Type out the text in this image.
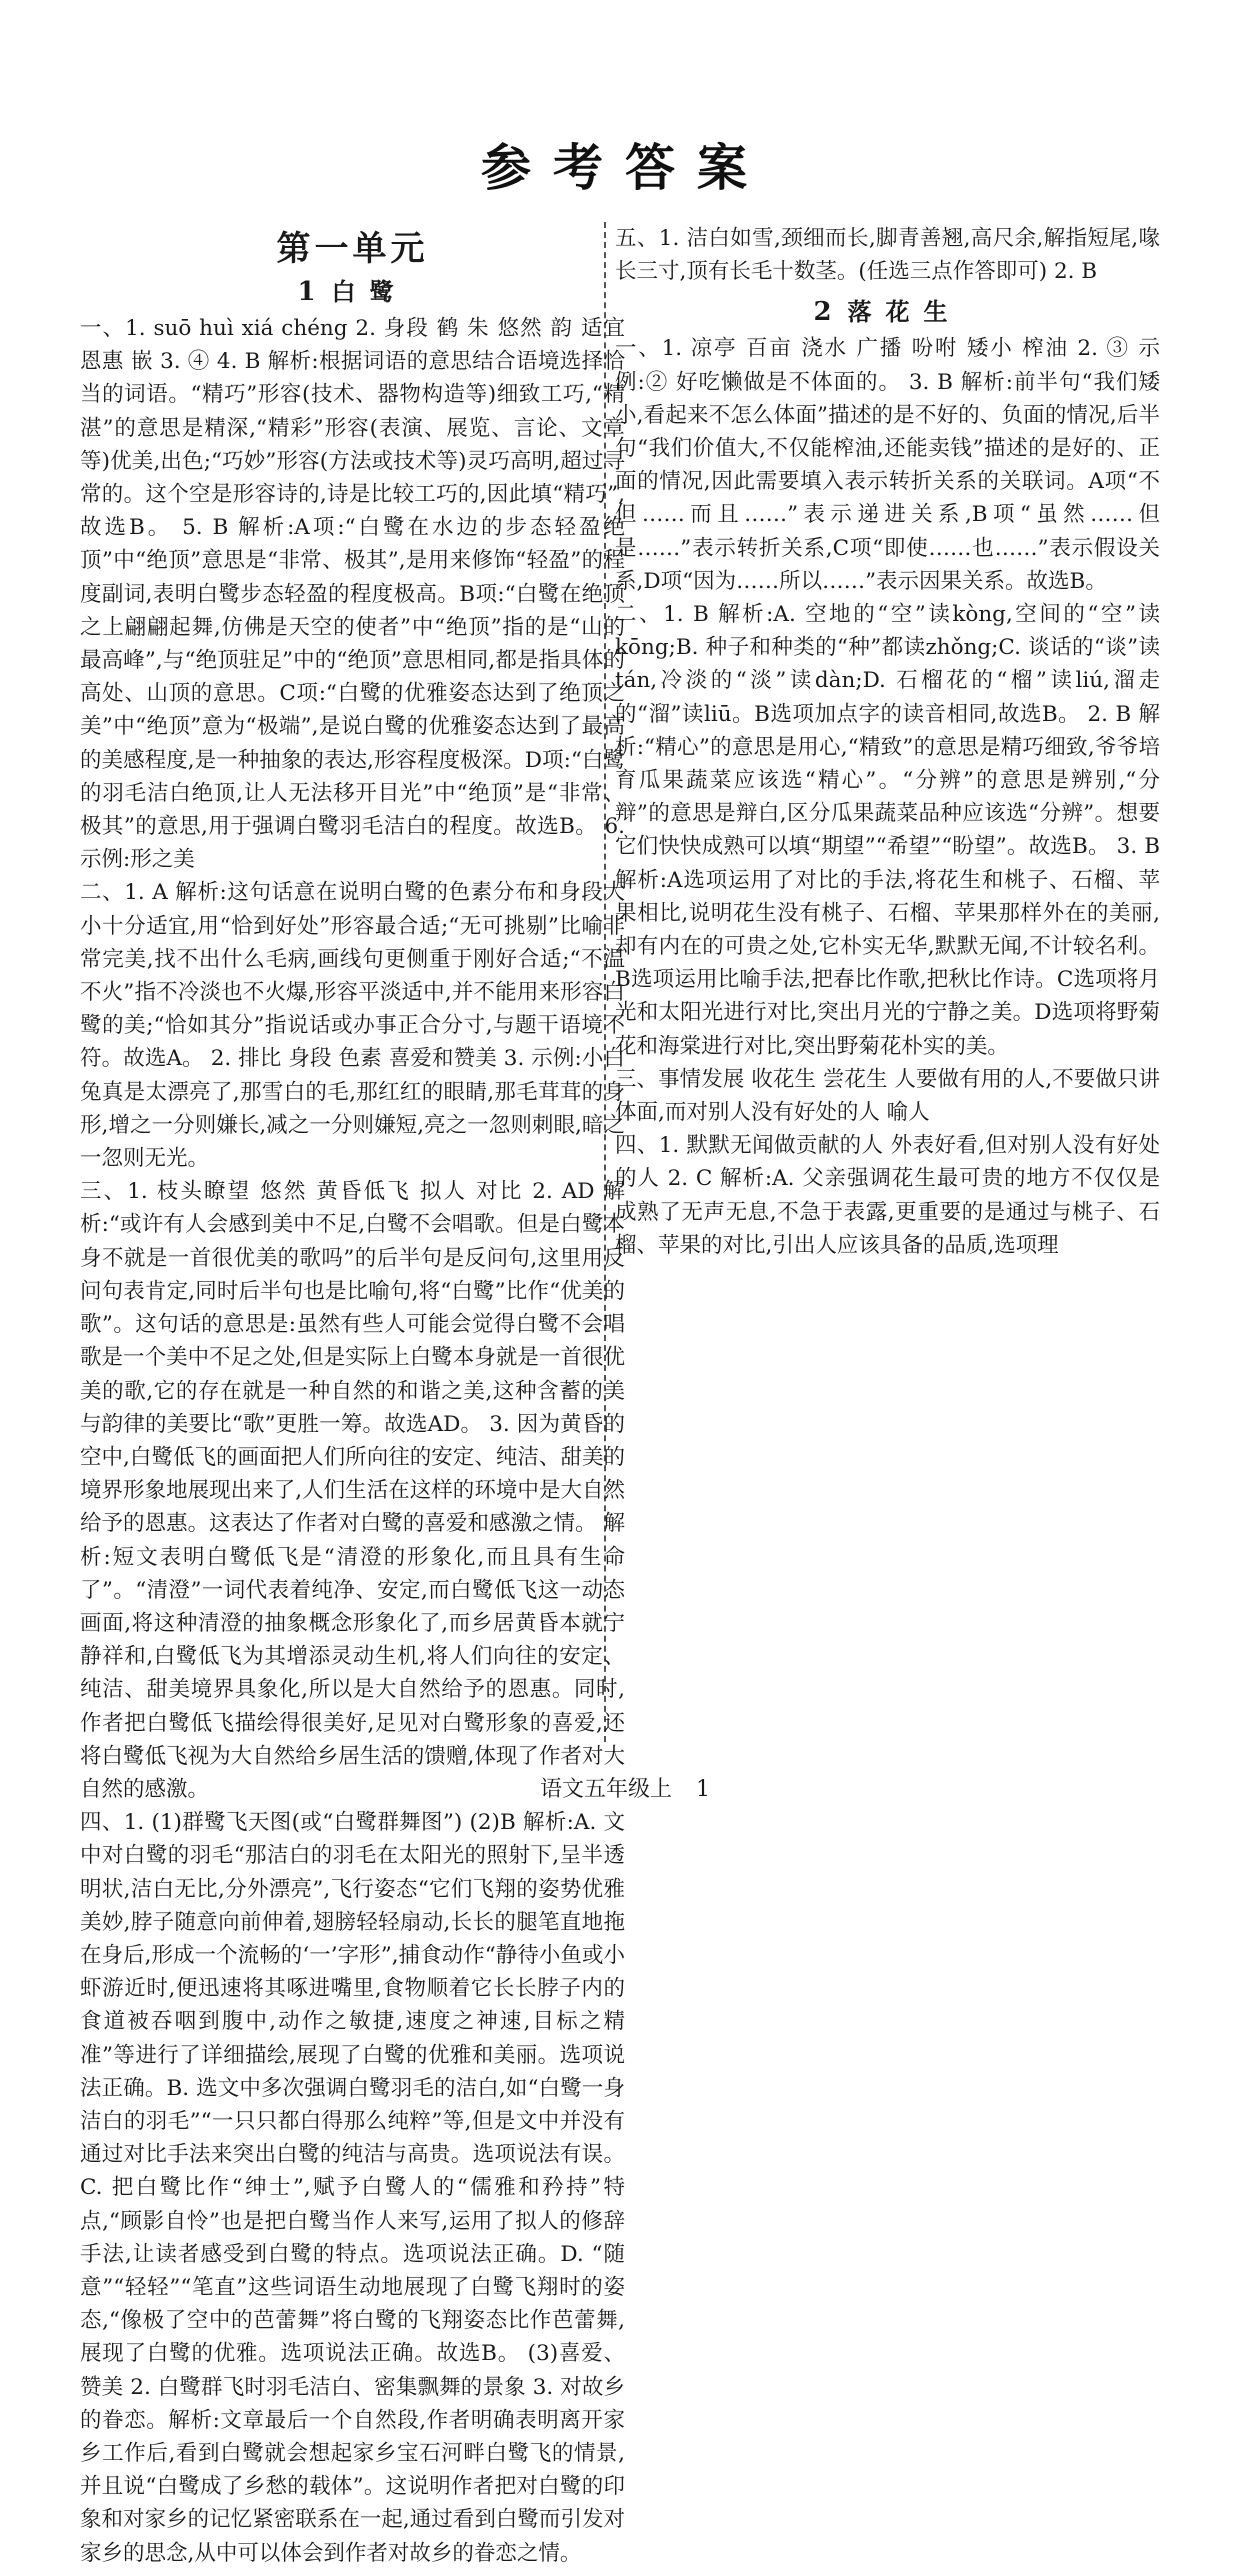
参考答案
第一单元
1 白鹭

一、1. suō huì xiá chéng 2. 身段 鹤 朱 悠然 韵 适宜 恩惠 嵌 3. ④ 4. B 解析:根据词语的意思结合语境选择恰当的词语。“精巧”形容(技术、器物构造等)细致工巧,“精湛”的意思是精深,“精彩”形容(表演、展览、言论、文章等)优美,出色;“巧妙”形容(方法或技术等)灵巧高明,超过寻常的。这个空是形容诗的,诗是比较工巧的,因此填“精巧”,故选B。 5. B 解析:A项:“白鹭在水边的步态轻盈绝顶”中“绝顶”意思是“非常、极其”,是用来修饰“轻盈”的程度副词,表明白鹭步态轻盈的程度极高。B项:“白鹭在绝顶之上翩翩起舞,仿佛是天空的使者”中“绝顶”指的是“山的最高峰”,与“绝顶驻足”中的“绝顶”意思相同,都是指具体的高处、山顶的意思。C项:“白鹭的优雅姿态达到了绝顶之美”中“绝顶”意为“极端”,是说白鹭的优雅姿态达到了最高的美感程度,是一种抽象的表达,形容程度极深。D项:“白鹭的羽毛洁白绝顶,让人无法移开目光”中“绝顶”是“非常、极其”的意思,用于强调白鹭羽毛洁白的程度。故选B。 6. 示例:形之美

二、1. A 解析:这句话意在说明白鹭的色素分布和身段大小十分适宜,用“恰到好处”形容最合适;“无可挑剔”比喻非常完美,找不出什么毛病,画线句更侧重于刚好合适;“不温不火”指不冷淡也不火爆,形容平淡适中,并不能用来形容白鹭的美;“恰如其分”指说话或办事正合分寸,与题干语境不符。故选A。 2. 排比 身段 色素 喜爱和赞美 3. 示例:小白兔真是太漂亮了,那雪白的毛,那红红的眼睛,那毛茸茸的身形,增之一分则嫌长,减之一分则嫌短,亮之一忽则刺眼,暗之一忽则无光。

三、1. 枝头瞭望 悠然 黄昏低飞 拟人 对比 2. AD 解析:“或许有人会感到美中不足,白鹭不会唱歌。但是白鹭本身不就是一首很优美的歌吗”的后半句是反问句,这里用反问句表肯定,同时后半句也是比喻句,将“白鹭”比作“优美的歌”。这句话的意思是:虽然有些人可能会觉得白鹭不会唱歌是一个美中不足之处,但是实际上白鹭本身就是一首很优美的歌,它的存在就是一种自然的和谐之美,这种含蓄的美与韵律的美要比“歌”更胜一筹。故选AD。 3. 因为黄昏的空中,白鹭低飞的画面把人们所向往的安定、纯洁、甜美的境界形象地展现出来了,人们生活在这样的环境中是大自然给予的恩惠。这表达了作者对白鹭的喜爱和感激之情。 解析:短文表明白鹭低飞是“清澄的形象化,而且具有生命了”。“清澄”一词代表着纯净、安定,而白鹭低飞这一动态画面,将这种清澄的抽象概念形象化了,而乡居黄昏本就宁静祥和,白鹭低飞为其增添灵动生机,将人们向往的安定、纯洁、甜美境界具象化,所以是大自然给予的恩惠。同时,作者把白鹭低飞描绘得很美好,足见对白鹭形象的喜爱,还将白鹭低飞视为大自然给乡居生活的馈赠,体现了作者对大自然的感激。

四、1. (1)群鹭飞天图(或“白鹭群舞图”) (2)B 解析:A. 文中对白鹭的羽毛“那洁白的羽毛在太阳光的照射下,呈半透明状,洁白无比,分外漂亮”,飞行姿态“它们飞翔的姿势优雅美妙,脖子随意向前伸着,翅膀轻轻扇动,长长的腿笔直地拖在身后,形成一个流畅的‘一’字形”,捕食动作“静待小鱼或小虾游近时,便迅速将其啄进嘴里,食物顺着它长长脖子内的食道被吞咽到腹中,动作之敏捷,速度之神速,目标之精准”等进行了详细描绘,展现了白鹭的优雅和美丽。选项说法正确。B. 选文中多次强调白鹭羽毛的洁白,如“白鹭一身洁白的羽毛”“一只只都白得那么纯粹”等,但是文中并没有通过对比手法来突出白鹭的纯洁与高贵。选项说法有误。C. 把白鹭比作“绅士”,赋予白鹭人的“儒雅和矜持”特点,“顾影自怜”也是把白鹭当作人来写,运用了拟人的修辞手法,让读者感受到白鹭的特点。选项说法正确。D. “随意”“轻轻”“笔直”这些词语生动地展现了白鹭飞翔时的姿态,“像极了空中的芭蕾舞”将白鹭的飞翔姿态比作芭蕾舞,展现了白鹭的优雅。选项说法正确。故选B。 (3)喜爱、赞美 2. 白鹭群飞时羽毛洁白、密集飘舞的景象 3. 对故乡的眷恋。解析:文章最后一个自然段,作者明确表明离开家乡工作后,看到白鹭就会想起家乡宝石河畔白鹭飞的情景,并且说“白鹭成了乡愁的载体”。这说明作者把对白鹭的印象和对家乡的记忆紧密联系在一起,通过看到白鹭而引发对家乡的思念,从中可以体会到作者对故乡的眷恋之情。

五、1. 洁白如雪,颈细而长,脚青善翘,高尺余,解指短尾,喙长三寸,顶有长毛十数茎。(任选三点作答即可) 2. B

2 落花生

一、1. 凉亭 百亩 浇水 广播 吩咐 矮小 榨油 2. ③ 示例:② 好吃懒做是不体面的。 3. B 解析:前半句“我们矮小,看起来不怎么体面”描述的是不好的、负面的情况,后半句“我们价值大,不仅能榨油,还能卖钱”描述的是好的、正面的情况,因此需要填入表示转折关系的关联词。A项“不但……而且……”表示递进关系,B项“虽然……但是……”表示转折关系,C项“即使……也……”表示假设关系,D项“因为……所以……”表示因果关系。故选B。

二、1. B 解析:A. 空地的“空”读kòng,空间的“空”读kōng;B. 种子和种类的“种”都读zhǒng;C. 谈话的“谈”读tán,冷淡的“淡”读dàn;D. 石榴花的“榴”读liú,溜走的“溜”读liū。B选项加点字的读音相同,故选B。 2. B 解析:“精心”的意思是用心,“精致”的意思是精巧细致,爷爷培育瓜果蔬菜应该选“精心”。“分辨”的意思是辨别,“分辩”的意思是辩白,区分瓜果蔬菜品种应该选“分辨”。想要它们快快成熟可以填“期望”“希望”“盼望”。故选B。 3. B 解析:A选项运用了对比的手法,将花生和桃子、石榴、苹果相比,说明花生没有桃子、石榴、苹果那样外在的美丽,却有内在的可贵之处,它朴实无华,默默无闻,不计较名利。B选项运用比喻手法,把春比作歌,把秋比作诗。C选项将月光和太阳光进行对比,突出月光的宁静之美。D选项将野菊花和海棠进行对比,突出野菊花朴实的美。

三、事情发展 收花生 尝花生 人要做有用的人,不要做只讲体面,而对别人没有好处的人 喻人

四、1. 默默无闻做贡献的人 外表好看,但对别人没有好处的人 2. C 解析:A. 父亲强调花生最可贵的地方不仅仅是成熟了无声无息,不急于表露,更重要的是通过与桃子、石榴、苹果的对比,引出人应该具备的品质,选项理

语文五年级上 1
